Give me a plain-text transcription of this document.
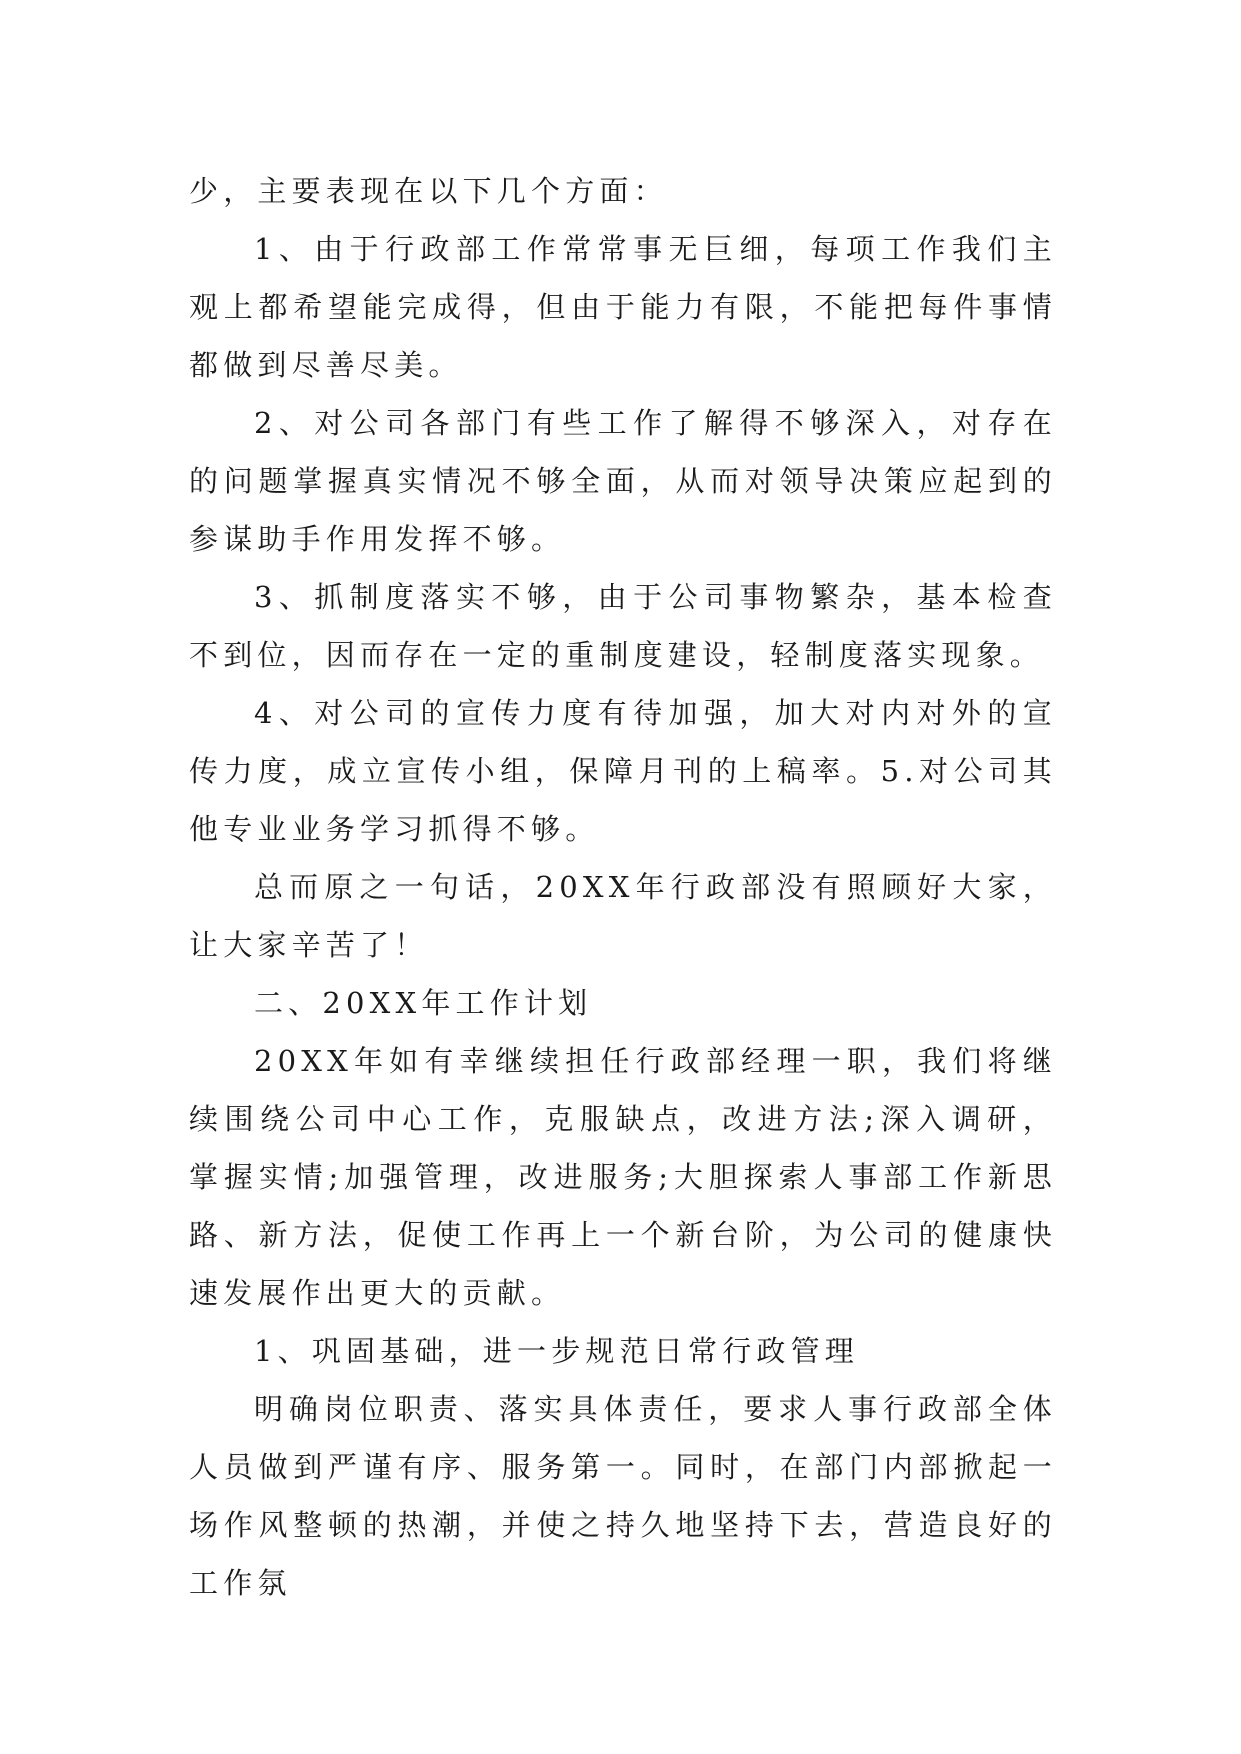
少，主要表现在以下几个方面：

1、由于行政部工作常常事无巨细，每项工作我们主观上都希望能完成得，但由于能力有限，不能把每件事情都做到尽善尽美。

2、对公司各部门有些工作了解得不够深入，对存在的问题掌握真实情况不够全面，从而对领导决策应起到的参谋助手作用发挥不够。

3、抓制度落实不够，由于公司事物繁杂，基本检查不到位，因而存在一定的重制度建设，轻制度落实现象。

4、对公司的宣传力度有待加强，加大对内对外的宣传力度，成立宣传小组，保障月刊的上稿率。5.对公司其他专业业务学习抓得不够。

总而原之一句话，20XX年行政部没有照顾好大家，让大家辛苦了！

二、20XX年工作计划

20XX年如有幸继续担任行政部经理一职，我们将继续围绕公司中心工作，克服缺点，改进方法;深入调研，掌握实情;加强管理，改进服务;大胆探索人事部工作新思路、新方法，促使工作再上一个新台阶，为公司的健康快速发展作出更大的贡献。

1、巩固基础，进一步规范日常行政管理

明确岗位职责、落实具体责任，要求人事行政部全体人员做到严谨有序、服务第一。同时，在部门内部掀起一场作风整顿的热潮，并使之持久地坚持下去，营造良好的工作氛
